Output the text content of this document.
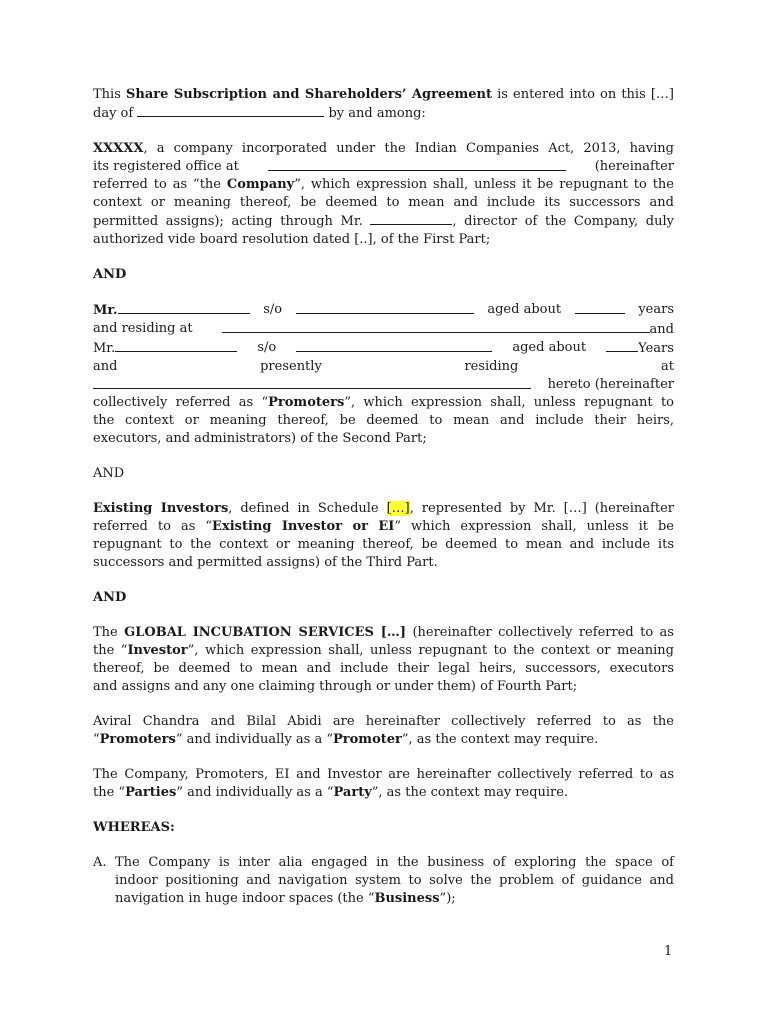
This Share Subscription and Shareholders’ Agreement is entered into on this […]
day of	by and among:
XXXXX, a company incorporated under the Indian Companies Act, 2013, having
its registered office at	(hereinafter
referred to as “the Company”, which expression shall, unless it be repugnant to the
context or meaning thereof, be deemed to mean and include its successors and
permitted assigns); acting through Mr.	, director of the Company, duly
authorized vide board resolution dated [..], of the First Part;
AND
Mr.	s/o	aged about	years
and residing at	and
Mr.	s/o	aged about	Years
and	presently	residing	at
hereto (hereinafter
collectively referred as “Promoters”, which expression shall, unless repugnant to
the context or meaning thereof, be deemed to mean and include their heirs,
executors, and administrators) of the Second Part;
AND
Existing Investors, defined in Schedule […], represented by Mr. […] (hereinafter
referred to as “Existing Investor or EI” which expression shall, unless it be
repugnant to the context or meaning thereof, be deemed to mean and include its
successors and permitted assigns) of the Third Part.
AND
The GLOBAL INCUBATION SERVICES […] (hereinafter collectively referred to as
the “Investor”, which expression shall, unless repugnant to the context or meaning
thereof, be deemed to mean and include their legal heirs, successors, executors
and assigns and any one claiming through or under them) of Fourth Part;
Aviral Chandra and Bilal Abidi are hereinafter collectively referred to as the
“Promoters” and individually as a “Promoter”, as the context may require.
The Company, Promoters, EI and Investor are hereinafter collectively referred to as
the “Parties” and individually as a “Party”, as the context may require.
WHEREAS:
A. The Company is inter alia engaged in the business of exploring the space of
indoor positioning and navigation system to solve the problem of guidance and
navigation in huge indoor spaces (the “Business”);
1
